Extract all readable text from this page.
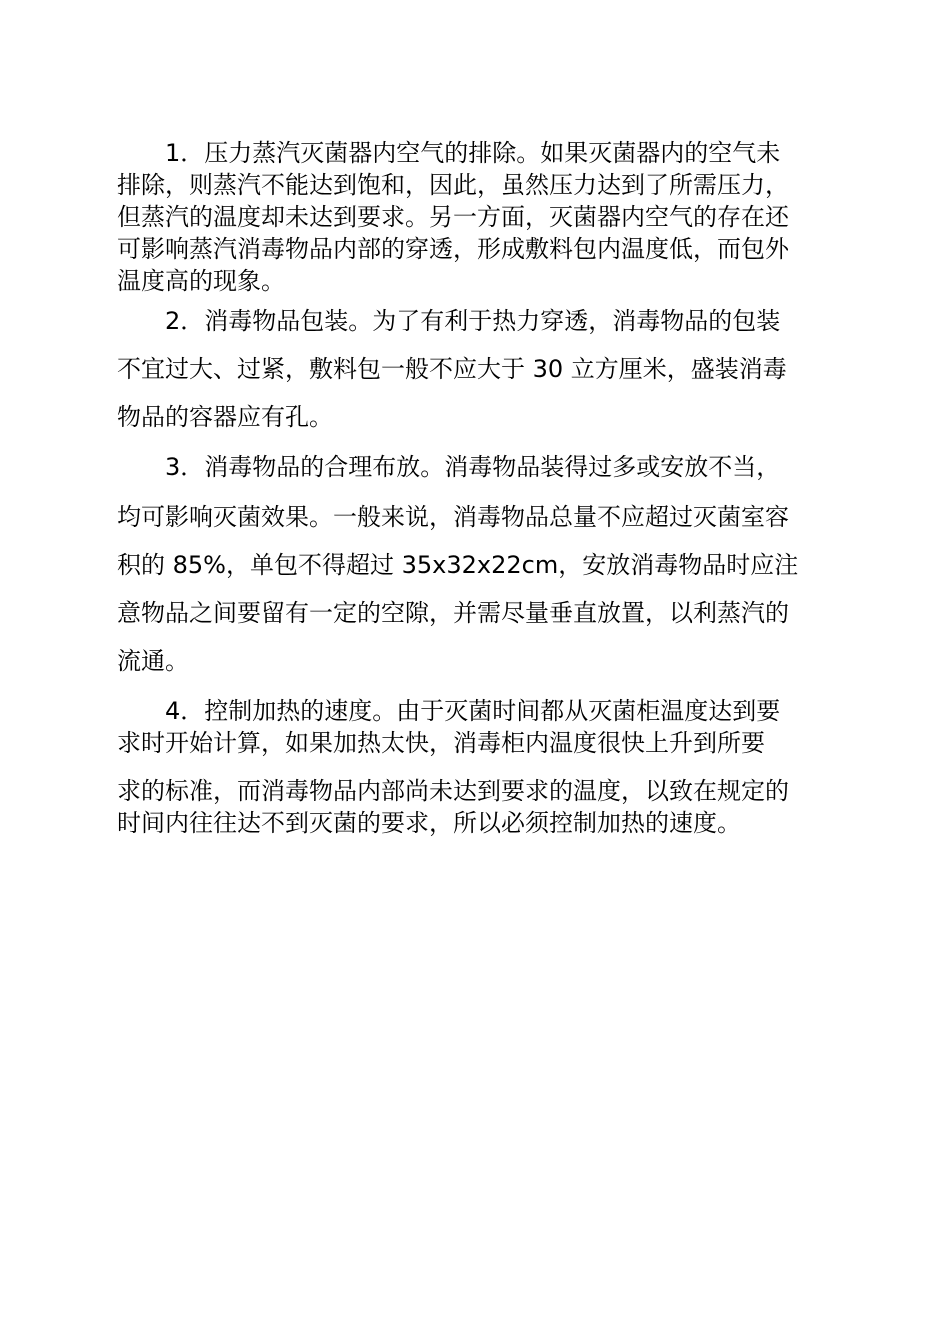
1．压力蒸汽灭菌器内空气的排除。如果灭菌器内的空气未
排除，则蒸汽不能达到饱和，因此，虽然压力达到了所需压力，
但蒸汽的温度却未达到要求。另一方面，灭菌器内空气的存在还
可影响蒸汽消毒物品内部的穿透，形成敷料包内温度低，而包外
温度高的现象。
2．消毒物品包装。为了有利于热力穿透，消毒物品的包装
不宜过大、过紧，敷料包一般不应大于 30 立方厘米，盛装消毒
物品的容器应有孔。
3．消毒物品的合理布放。消毒物品装得过多或安放不当，
均可影响灭菌效果。一般来说，消毒物品总量不应超过灭菌室容
积的 85%，单包不得超过 35x32x22cm，安放消毒物品时应注
意物品之间要留有一定的空隙，并需尽量垂直放置，以利蒸汽的
流通。
4．控制加热的速度。由于灭菌时间都从灭菌柜温度达到要
求时开始计算，如果加热太快，消毒柜内温度很快上升到所要
求的标准，而消毒物品内部尚未达到要求的温度，以致在规定的
时间内往往达不到灭菌的要求，所以必须控制加热的速度。
